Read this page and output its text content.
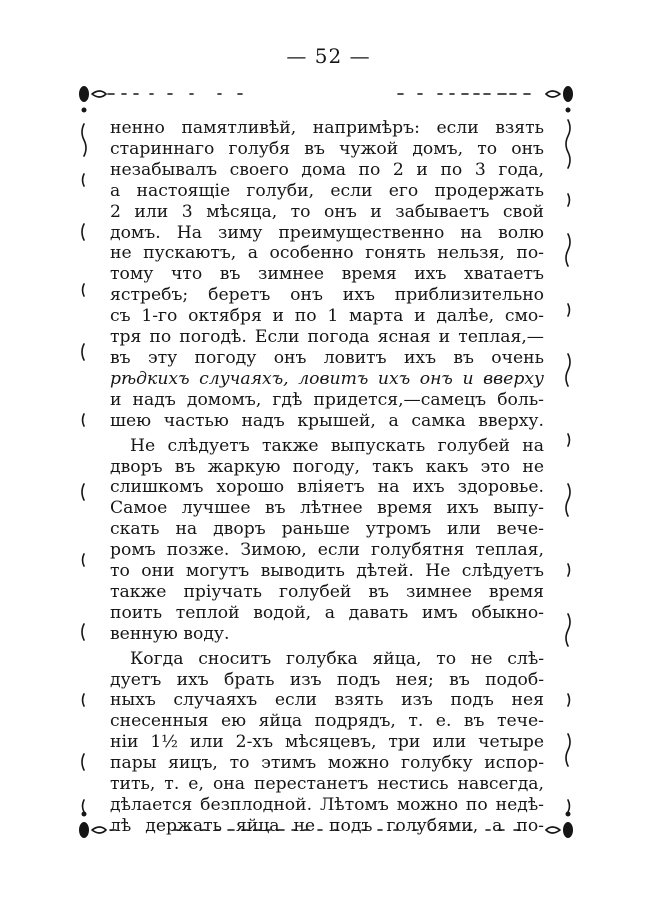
— 52 —

ненно памятливѣй, напримѣръ: если взять
стариннаго голубя въ чужой домъ, то онъ
незабывалъ своего дома по 2 и по 3 года,
а настоящіе голуби, если его продержать
2 или 3 мѣсяца, то онъ и забываетъ свой
домъ. На зиму преимущественно на волю
не пускаютъ, а особенно гонять нельзя, по-
тому что въ зимнее время ихъ хватаетъ
ястребъ; беретъ онъ ихъ приблизительно
съ 1-го октября и по 1 марта и далѣе, смо-
тря по погодѣ. Если погода ясная и теплая,—
въ эту погоду онъ ловитъ ихъ въ очень
рѣдкихъ случаяхъ, ловитъ ихъ онъ и вверху
и надъ домомъ, гдѣ придется,—самецъ боль-
шею частью надъ крышей, а самка вверху.

Не слѣдуетъ также выпускать голубей на
дворъ въ жаркую погоду, такъ какъ это не
слишкомъ хорошо вліяетъ на ихъ здоровье.
Самое лучшее въ лѣтнее время ихъ выпу-
скать на дворъ раньше утромъ или вече-
ромъ позже. Зимою, если голубятня теплая,
то они могутъ выводить дѣтей. Не слѣдуетъ
также пріучать голубей въ зимнее время
поить теплой водой, а давать имъ обыкно-
венную воду.

Когда сноситъ голубка яйца, то не слѣ-
дуетъ ихъ брать изъ подъ нея; въ подоб-
ныхъ случаяхъ если взять изъ подъ нея
снесенныя ею яйца подрядъ, т. е. въ тече-
ніи 1½ или 2-хъ мѣсяцевъ, три или четыре
пары яицъ, то этимъ можно голубку испор-
тить, т. е, она перестанетъ нестись навсегда,
дѣлается безплодной. Лѣтомъ можно по недѣ-
лѣ держать яйца не подъ голубями, а по-
